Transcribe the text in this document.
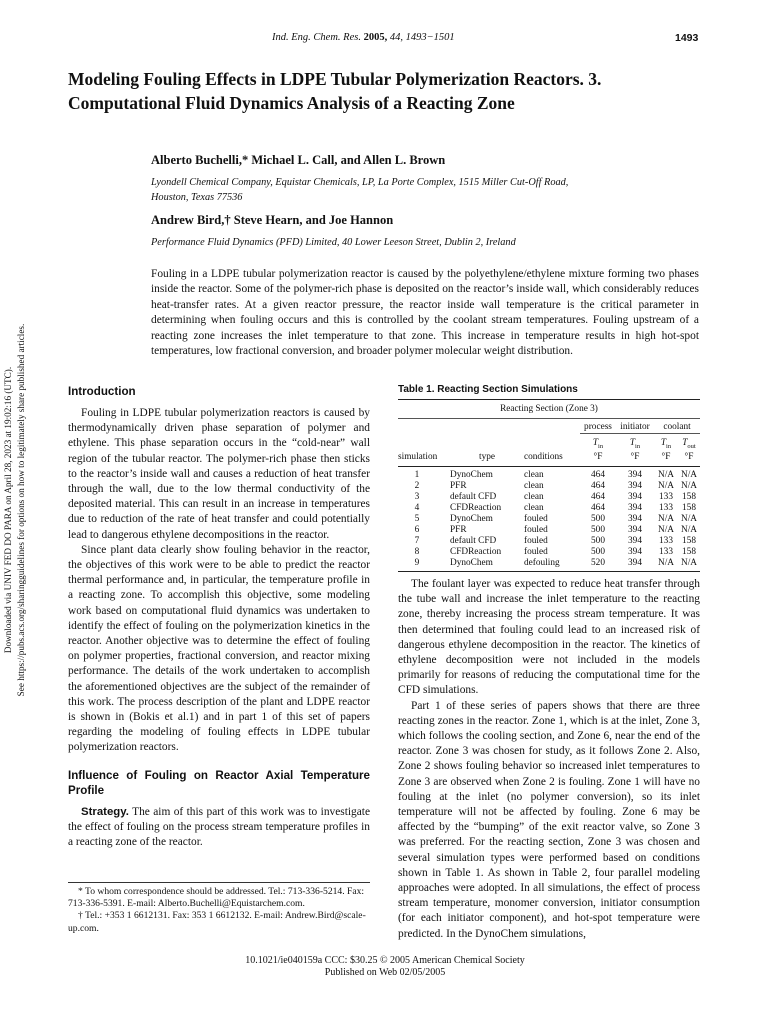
Ind. Eng. Chem. Res. 2005, 44, 1493−1501	1493
Modeling Fouling Effects in LDPE Tubular Polymerization Reactors. 3. Computational Fluid Dynamics Analysis of a Reacting Zone
Alberto Buchelli,* Michael L. Call, and Allen L. Brown
Lyondell Chemical Company, Equistar Chemicals, LP, La Porte Complex, 1515 Miller Cut-Off Road,
Houston, Texas 77536
Andrew Bird,† Steve Hearn, and Joe Hannon
Performance Fluid Dynamics (PFD) Limited, 40 Lower Leeson Street, Dublin 2, Ireland
Fouling in a LDPE tubular polymerization reactor is caused by the polyethylene/ethylene mixture forming two phases inside the reactor. Some of the polymer-rich phase is deposited on the reactor’s inside wall, which considerably reduces heat-transfer rates. At a given reactor pressure, the reactor inside wall temperature is the critical parameter in determining when fouling occurs and this is controlled by the coolant stream temperatures. Fouling upstream of a reacting zone increases the inlet temperature to that zone. This increase in temperature results in high hot-spot temperatures, low fractional conversion, and broader polymer molecular weight distribution.
Downloaded via UNIV FED DO PARA on April 28, 2023 at 19:02:16 (UTC). See https://pubs.acs.org/sharingguidelines for options on how to legitimately share published articles.	Introduction

Fouling in LDPE tubular polymerization reactors is caused by thermodynamically driven phase separation of polymer and ethylene. This phase separation occurs in the “cold-near” wall region of the tubular reactor. The polymer-rich phase then sticks to the reactor’s inside wall and causes a reduction of heat transfer through the wall, due to the low thermal conductivity of the deposited material. This can result in an increase in temperatures due to reduction of the rate of heat transfer and could potentially lead to dangerous ethylene decompositions in the reactor.

Since plant data clearly show fouling behavior in the reactor, the objectives of this work were to be able to predict the reactor thermal performance and, in particular, the temperature profile in a reacting zone. To accomplish this objective, some modeling work based on computational fluid dynamics was undertaken to identify the effect of fouling on the polymerization kinetics in the reactor. Another objective was to determine the effect of fouling on polymer properties, fractional conversion, and reactor mixing performance. The details of the work undertaken to accomplish the aforementioned objectives are the subject of the remainder of this work. The process description of the plant and LDPE reactor is shown in (Bokis et al.1) and in part 1 of this set of papers regarding the modeling of fouling effects in LDPE tubular polymerization reactors.

Influence of Fouling on Reactor Axial Temperature Profile

Strategy. The aim of this part of this work was to investigate the effect of fouling on the process stream temperature profiles in a reacting zone of the reactor.

* To whom correspondence should be addressed. Tel.: 713-336-5214. Fax: 713-336-5391. E-mail: Alberto.Buchelli@Equistarchem.com.
† Tel.: +353 1 6612131. Fax: 353 1 6612132. E-mail: Andrew.Bird@scale-up.com.
Table 1. Reacting Section Simulations
Reacting Section (Zone 3)						
			process	initiator	coolant	
			$T_{in}$	$T_{in}$	$T_{in}$	$T_{out}$
simulation	type	conditions	°F	°F	°F	°F
1	DynoChem	clean	464	394	N/A	N/A
2	PFR	clean	464	394	N/A	N/A
3	default CFD	clean	464	394	133	158
4	CFDReaction	clean	464	394	133	158
5	DynoChem	fouled	500	394	N/A	N/A
6	PFR	fouled	500	394	N/A	N/A
7	default CFD	fouled	500	394	133	158
8	CFDReaction	fouled	500	394	133	158
9	DynoChem	defouling	520	394	N/A	N/A

The foulant layer was expected to reduce heat transfer through the tube wall and increase the inlet temperature to the reacting zone, thereby increasing the process stream temperature. It was then determined that fouling could lead to an increased risk of dangerous ethylene decomposition in the reactor. The kinetics of ethylene decomposition were not included in the models primarily for reasons of reducing the computational time for the CFD simulations.

Part 1 of these series of papers shows that there are three reacting zones in the reactor. Zone 1, which is at the inlet, Zone 3, which follows the cooling section, and Zone 6, near the end of the reactor. Zone 3 was chosen for study, as it follows Zone 2. Also, Zone 2 shows fouling behavior so increased inlet temperatures to Zone 3 are observed when Zone 2 is fouling. Zone 1 will have no fouling at the inlet (no polymer conversion), so its inlet temperature will not be affected by fouling. Zone 6 may be affected by the “bumping” of the exit reactor valve, so Zone 3 was preferred. For the reacting section, Zone 3 was chosen and several simulation types were performed based on conditions shown in Table 1. As shown in Table 2, four parallel modeling approaches were adopted. In all simulations, the effect of process stream temperature, monomer conversion, initiator consumption (for each initiator component), and hot-spot temperature were predicted. In the DynoChem simulations,

10.1021/ie040159a CCC: $30.25 © 2005 American Chemical Society
Published on Web 02/05/2005
